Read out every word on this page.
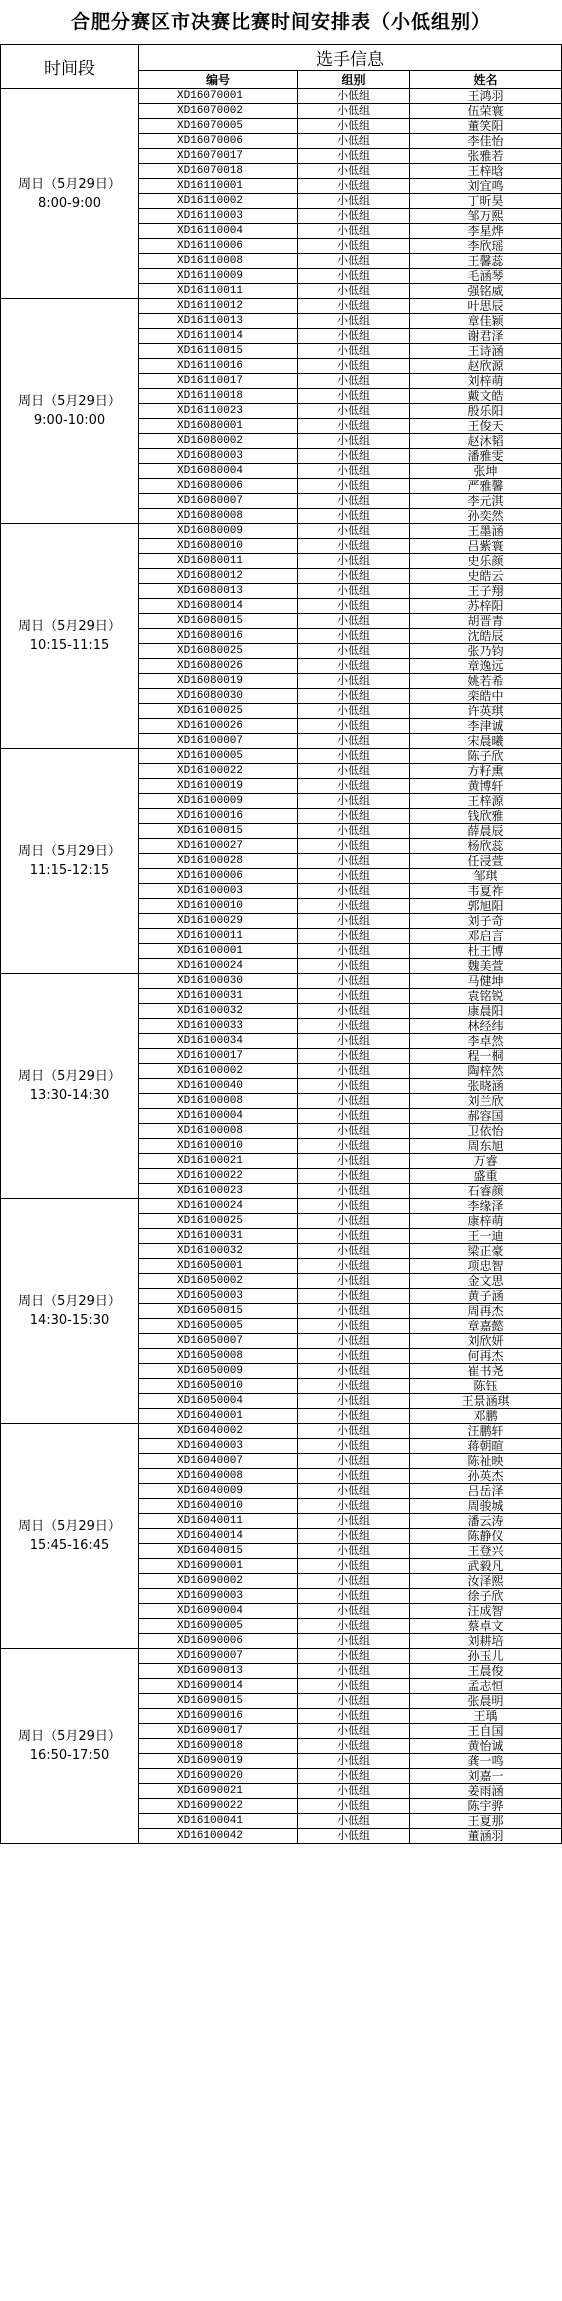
合肥分赛区市决赛比赛时间安排表（小低组别）
时间段	选手信息		
	编号	组别	姓名

周日（5月29日）
8:00-9:00	XD16070001	小低组	王鸿羽
	XD16070002	小低组	伍荣寰
	XD16070005	小低组	董笑阳
	XD16070006	小低组	李佳怡
	XD16070017	小低组	张雅若
	XD16070018	小低组	王梓晗
	XD16110001	小低组	刘宜鸣
	XD16110002	小低组	丁昕昊
	XD16110003	小低组	邹万熙
	XD16110004	小低组	李星烨
	XD16110006	小低组	李欣瑶
	XD16110008	小低组	王馨蕊
	XD16110009	小低组	毛涵琴
	XD16110011	小低组	强铭威

周日（5月29日）
9:00-10:00	XD16110012	小低组	叶思辰
	XD16110013	小低组	章佳颖
	XD16110014	小低组	谢君泽
	XD16110015	小低组	王诗涵
	XD16110016	小低组	赵欣源
	XD16110017	小低组	刘梓萌
	XD16110018	小低组	戴文皓
	XD16110023	小低组	殷乐阳
	XD16080001	小低组	王俊天
	XD16080002	小低组	赵沐韬
	XD16080003	小低组	潘雅雯
	XD16080004	小低组	张坤
	XD16080006	小低组	严雅馨
	XD16080007	小低组	李元淇
	XD16080008	小低组	孙奕然

周日（5月29日）
10:15-11:15	XD16080009	小低组	王墨涵
	XD16080010	小低组	吕紫寰
	XD16080011	小低组	史乐颜
	XD16080012	小低组	史皓云
	XD16080013	小低组	王子翔
	XD16080014	小低组	苏梓阳
	XD16080015	小低组	胡晋青
	XD16080016	小低组	沈皓辰
	XD16080025	小低组	张乃钧
	XD16080026	小低组	章逸远
	XD16080019	小低组	姚若希
	XD16080030	小低组	栾皓中
	XD16100025	小低组	许英琪
	XD16100026	小低组	李津诚
	XD16100007	小低组	宋晨曦

周日（5月29日）
11:15-12:15	XD16100005	小低组	陈子欣
	XD16100022	小低组	方籽熏
	XD16100019	小低组	黄博轩
	XD16100009	小低组	王梓源
	XD16100016	小低组	钱欣雅
	XD16100015	小低组	薛晨辰
	XD16100027	小低组	杨欣蕊
	XD16100028	小低组	任浸萱
	XD16100006	小低组	邹琪
	XD16100003	小低组	韦夏祚
	XD16100010	小低组	郭旭阳
	XD16100029	小低组	刘子奇
	XD16100011	小低组	邓启言
	XD16100001	小低组	杜王博
	XD16100024	小低组	魏美萱

周日（5月29日）
13:30-14:30	XD16100030	小低组	马健坤
	XD16100031	小低组	袁铭锐
	XD16100032	小低组	康晨阳
	XD16100033	小低组	林经纬
	XD16100034	小低组	李卓然
	XD16100017	小低组	程一桐
	XD16100002	小低组	陶梓然
	XD16100040	小低组	张晓涵
	XD16100008	小低组	刘兰欣
	XD16100004	小低组	郝容国
	XD16100008	小低组	卫依怡
	XD16100010	小低组	周东旭
	XD16100021	小低组	万睿
	XD16100022	小低组	盛重
	XD16100023	小低组	石睿颜

周日（5月29日）
14:30-15:30	XD16100024	小低组	李缘泽
	XD16100025	小低组	康梓萌
	XD16100031	小低组	王一迪
	XD16100032	小低组	梁正豪
	XD16050001	小低组	项忠智
	XD16050002	小低组	金文思
	XD16050003	小低组	黄子涵
	XD16050015	小低组	周再杰
	XD16050005	小低组	章嘉懿
	XD16050007	小低组	刘欣妍
	XD16050008	小低组	何再杰
	XD16050009	小低组	崔书尧
	XD16050010	小低组	陈钰
	XD16050004	小低组	王景涵琪
	XD16040001	小低组	邓鹏

周日（5月29日）
15:45-16:45	XD16040002	小低组	汪鹏轩
	XD16040003	小低组	蒋朝暄
	XD16040007	小低组	陈祉映
	XD16040008	小低组	孙英杰
	XD16040009	小低组	吕岳泽
	XD16040010	小低组	周骏城
	XD16040011	小低组	潘云涛
	XD16040014	小低组	陈静仪
	XD16040015	小低组	王登兴
	XD16090001	小低组	武毅凡
	XD16090002	小低组	汝泽熙
	XD16090003	小低组	徐子欣
	XD16090004	小低组	汪成智
	XD16090005	小低组	蔡卓文
	XD16090006	小低组	刘耕培

周日（5月29日）
16:50-17:50	XD16090007	小低组	孙玉儿
	XD16090013	小低组	王晨俊
	XD16090014	小低组	孟志恒
	XD16090015	小低组	张晨明
	XD16090016	小低组	王瑀
	XD16090017	小低组	王自国
	XD16090018	小低组	黄怡诚
	XD16090019	小低组	龚一鸣
	XD16090020	小低组	刘嘉一
	XD16090021	小低组	姜雨涵
	XD16090022	小低组	陈宇骅
	XD16100041	小低组	王夏那
	XD16100042	小低组	董涵羽
